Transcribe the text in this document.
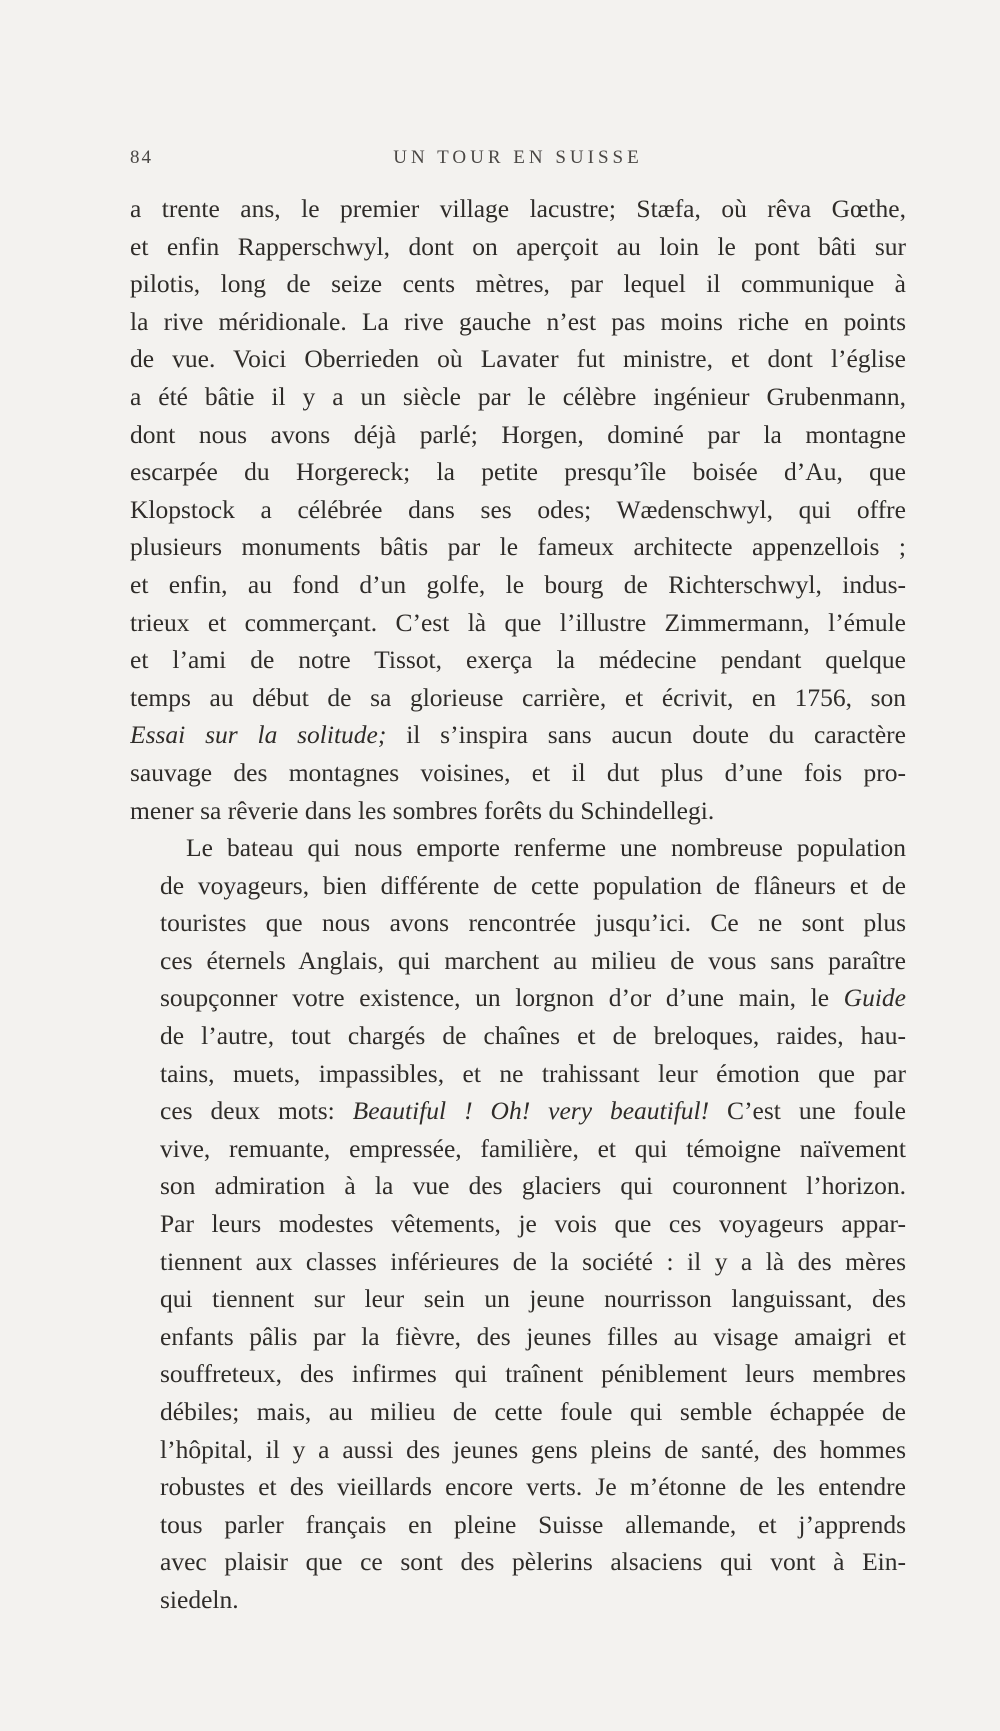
84	UN TOUR EN SUISSE
a trente ans, le premier village lacustre; Stæfa, où rêva Gœthe,
et enfin Rapperschwyl, dont on aperçoit au loin le pont bâti sur
pilotis, long de seize cents mètres, par lequel il communique à
la rive méridionale. La rive gauche n’est pas moins riche en points
de vue. Voici Oberrieden où Lavater fut ministre, et dont l’église
a été bâtie il y a un siècle par le célèbre ingénieur Grubenmann,
dont nous avons déjà parlé; Horgen, dominé par la montagne
escarpée du Horgereck; la petite presqu’île boisée d’Au, que
Klopstock a célébrée dans ses odes; Wædenschwyl, qui offre
plusieurs monuments bâtis par le fameux architecte appenzellois ;
et enfin, au fond d’un golfe, le bourg de Richterschwyl, indus-
trieux et commerçant. C’est là que l’illustre Zimmermann, l’émule
et l’ami de notre Tissot, exerça la médecine pendant quelque
temps au début de sa glorieuse carrière, et écrivit, en 1756, son
Essai sur la solitude; il s’inspira sans aucun doute du caractère
sauvage des montagnes voisines, et il dut plus d’une fois pro-
mener sa rêverie dans les sombres forêts du Schindellegi.
Le bateau qui nous emporte renferme une nombreuse population
de voyageurs, bien différente de cette population de flâneurs et de
touristes que nous avons rencontrée jusqu’ici. Ce ne sont plus
ces éternels Anglais, qui marchent au milieu de vous sans paraître
soupçonner votre existence, un lorgnon d’or d’une main, le Guide
de l’autre, tout chargés de chaînes et de breloques, raides, hau-
tains, muets, impassibles, et ne trahissant leur émotion que par
ces deux mots: Beautiful ! Oh! very beautiful! C’est une foule
vive, remuante, empressée, familière, et qui témoigne naïvement
son admiration à la vue des glaciers qui couronnent l’horizon.
Par leurs modestes vêtements, je vois que ces voyageurs appar-
tiennent aux classes inférieures de la société : il y a là des mères
qui tiennent sur leur sein un jeune nourrisson languissant, des
enfants pâlis par la fièvre, des jeunes filles au visage amaigri et
souffreteux, des infirmes qui traînent péniblement leurs membres
débiles; mais, au milieu de cette foule qui semble échappée de
l’hôpital, il y a aussi des jeunes gens pleins de santé, des hommes
robustes et des vieillards encore verts. Je m’étonne de les entendre
tous parler français en pleine Suisse allemande, et j’apprends
avec plaisir que ce sont des pèlerins alsaciens qui vont à Ein-
siedeln.
